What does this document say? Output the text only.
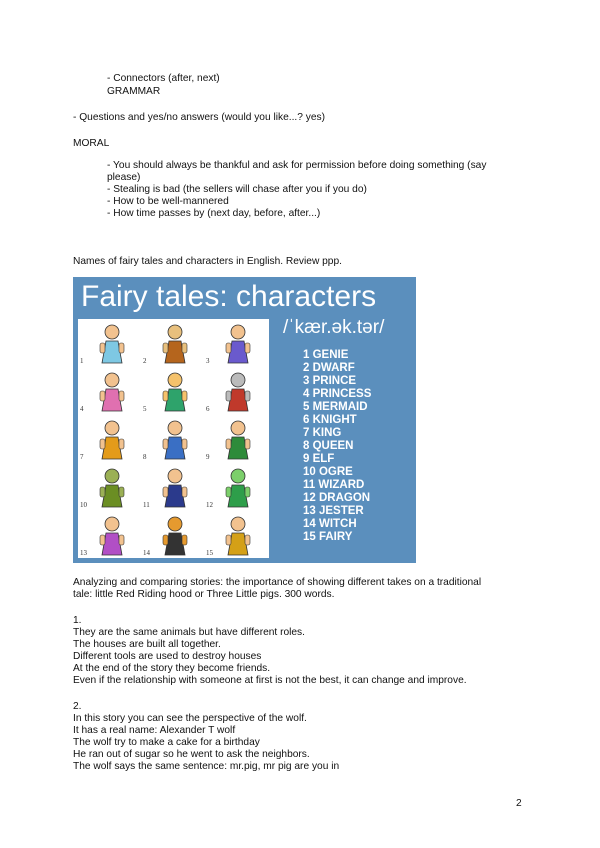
- Connectors (after, next)
GRAMMAR
- Questions and yes/no answers (would you like...? yes)
MORAL
- You should always be thankful and ask for permission before doing something (say
please)
- Stealing is bad (the sellers will chase after you if you do)
- How to be well-mannered
- How time passes by (next day, before, after...)
Names of fairy tales and characters in English. Review ppp.
Fairy tales: characters
/ˈkær.ək.tər/
1	2	3
4	5	6
7	8	9
10	11	12
13	14	15
1 GENIE
2 DWARF
3 PRINCE
4 PRINCESS
5 MERMAID
6 KNIGHT
7 KING
8 QUEEN
9 ELF
10 OGRE
11 WIZARD
12 DRAGON
13 JESTER
14 WITCH
15 FAIRY
Analyzing and comparing stories: the importance of showing different takes on a traditional
tale: little Red Riding hood or Three Little pigs. 300 words.
1.
They are the same animals but have different roles.
The houses are built all together.
Different tools are used to destroy houses
At the end of the story they become friends.
Even if the relationship with someone at first is not the best, it can change and improve.
2.
In this story you can see the perspective of the wolf.
It has a real name: Alexander T wolf
The wolf try to make a cake for a birthday
He ran out of sugar so he went to ask the neighbors.
The wolf says the same sentence: mr.pig, mr pig are you in
2
